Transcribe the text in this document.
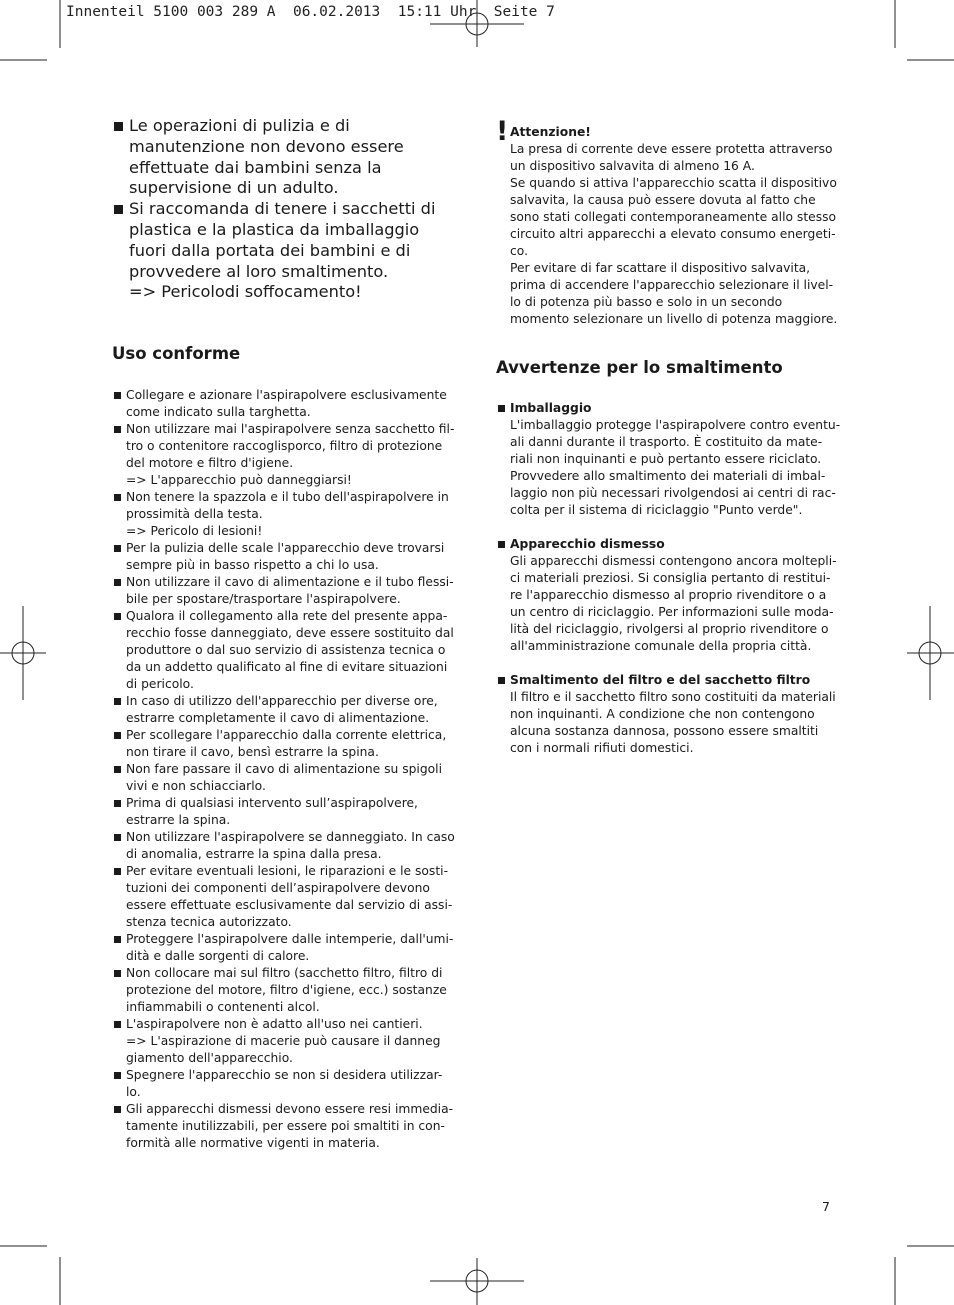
Innenteil 5100 003 289 A  06.02.2013  15:11 Uhr  Seite 7
Le operazioni di pulizia e di
manutenzione non devono essere
effettuate dai bambini senza la
supervisione di un adulto.
Si raccomanda di tenere i sacchetti di
plastica e la plastica da imballaggio
fuori dalla portata dei bambini e di
provvedere al loro smaltimento.
=> Pericolodi soffocamento!
Uso conforme
Collegare e azionare l'aspirapolvere esclusivamente
come indicato sulla targhetta.
Non utilizzare mai l'aspirapolvere senza sacchetto fil-
tro o contenitore raccoglisporco, filtro di protezione
del motore e filtro d'igiene.
=> L'apparecchio può danneggiarsi!
Non tenere la spazzola e il tubo dell'aspirapolvere in
prossimità della testa.
=> Pericolo di lesioni!
Per la pulizia delle scale l'apparecchio deve trovarsi
sempre più in basso rispetto a chi lo usa.
Non utilizzare il cavo di alimentazione e il tubo flessi-
bile per spostare/trasportare l'aspirapolvere.
Qualora il collegamento alla rete del presente appa-
recchio fosse danneggiato, deve essere sostituito dal
produttore o dal suo servizio di assistenza tecnica o
da un addetto qualificato al fine di evitare situazioni
di pericolo.
In caso di utilizzo dell'apparecchio per diverse ore,
estrarre completamente il cavo di alimentazione.
Per scollegare l'apparecchio dalla corrente elettrica,
non tirare il cavo, bensì estrarre la spina.
Non fare passare il cavo di alimentazione su spigoli
vivi e non schiacciarlo.
Prima di qualsiasi intervento sull’aspirapolvere,
estrarre la spina.
Non utilizzare l'aspirapolvere se danneggiato. In caso
di anomalia, estrarre la spina dalla presa.
Per evitare eventuali lesioni, le riparazioni e le sosti-
tuzioni dei componenti dell’aspirapolvere devono
essere effettuate esclusivamente dal servizio di assi-
stenza tecnica autorizzato.
Proteggere l'aspirapolvere dalle intemperie, dall'umi-
dità e dalle sorgenti di calore.
Non collocare mai sul filtro (sacchetto filtro, filtro di
protezione del motore, filtro d'igiene, ecc.) sostanze
infiammabili o contenenti alcol.
L'aspirapolvere non è adatto all'uso nei cantieri.
=> L'aspirazione di macerie può causare il danneg
giamento dell'apparecchio.
Spegnere l'apparecchio se non si desidera utilizzar-
lo.
Gli apparecchi dismessi devono essere resi immedia-
tamente inutilizzabili, per essere poi smaltiti in con-
formità alle normative vigenti in materia.
! Attenzione!
La presa di corrente deve essere protetta attraverso
un dispositivo salvavita di almeno 16 A.
Se quando si attiva l'apparecchio scatta il dispositivo
salvavita, la causa può essere dovuta al fatto che
sono stati collegati contemporaneamente allo stesso
circuito altri apparecchi a elevato consumo energeti-
co.
Per evitare di far scattare il dispositivo salvavita,
prima di accendere l'apparecchio selezionare il livel-
lo di potenza più basso e solo in un secondo
momento selezionare un livello di potenza maggiore.
Avvertenze per lo smaltimento
Imballaggio
L'imballaggio protegge l'aspirapolvere contro eventu-
ali danni durante il trasporto. È costituito da mate-
riali non inquinanti e può pertanto essere riciclato.
Provvedere allo smaltimento dei materiali di imbal-
laggio non più necessari rivolgendosi ai centri di rac-
colta per il sistema di riciclaggio "Punto verde".
Apparecchio dismesso
Gli apparecchi dismessi contengono ancora moltepli-
ci materiali preziosi. Si consiglia pertanto di restitui-
re l'apparecchio dismesso al proprio rivenditore o a
un centro di riciclaggio. Per informazioni sulle moda-
lità del riciclaggio, rivolgersi al proprio rivenditore o
all'amministrazione comunale della propria città.
Smaltimento del filtro e del sacchetto filtro
Il filtro e il sacchetto filtro sono costituiti da materiali
non inquinanti. A condizione che non contengono
alcuna sostanza dannosa, possono essere smaltiti
con i normali rifiuti domestici.
7
